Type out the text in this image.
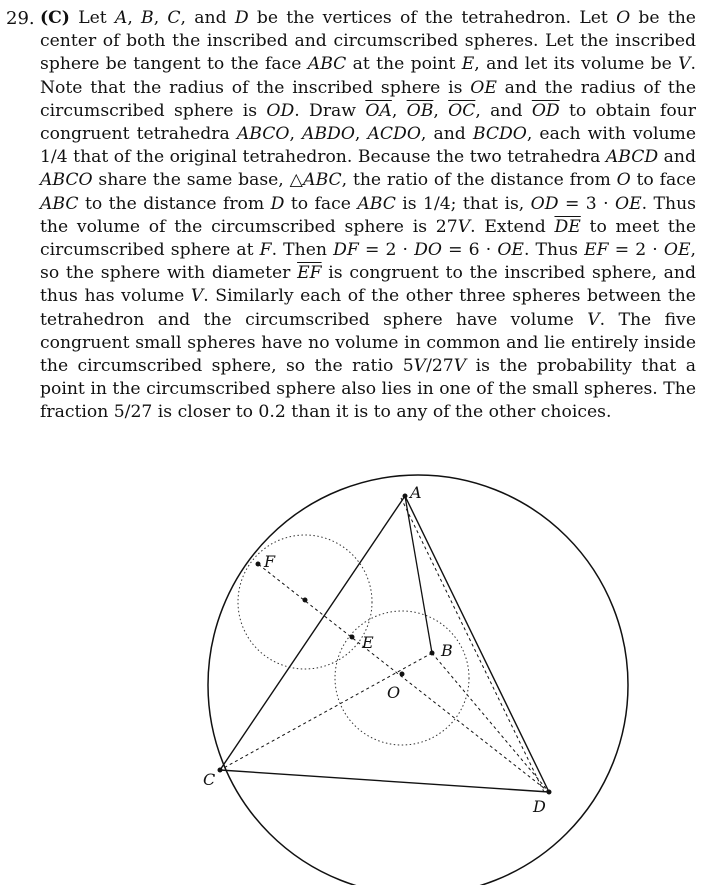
29. (C) Let A, B, C, and D be the vertices of the tetrahedron. Let O be the center of both the inscribed and circumscribed spheres. Let the inscribed sphere be tangent to the face ABC at the point E, and let its volume be V. Note that the radius of the inscribed sphere is OE and the radius of the circumscribed sphere is OD. Draw $\overline{OA}$, $\overline{OB}$, $\overline{OC}$, and $\overline{OD}$ to obtain four congruent tetrahedra ABCO, ABDO, ACDO, and BCDO, each with volume 1/4 that of the original tetrahedron. Because the two tetrahedra ABCD and ABCO share the same base, △ABC, the ratio of the distance from O to face ABC to the distance from D to face ABC is 1/4; that is, OD = 3 · OE. Thus the volume of the circumscribed sphere is 27V. Extend $\overline{DE}$ to meet the circumscribed sphere at F. Then DF = 2 · DO = 6 · OE. Thus EF = 2 · OE, so the sphere with diameter $\overline{EF}$ is congruent to the inscribed sphere, and thus has volume V. Similarly each of the other three spheres between the tetrahedron and the circumscribed sphere have volume V. The five congruent small spheres have no volume in common and lie entirely inside the circumscribed sphere, so the ratio 5V/27V is the probability that a point in the circumscribed sphere also lies in one of the small spheres. The fraction 5/27 is closer to 0.2 than it is to any of the other choices.
A
B
C
D
E
F
O
